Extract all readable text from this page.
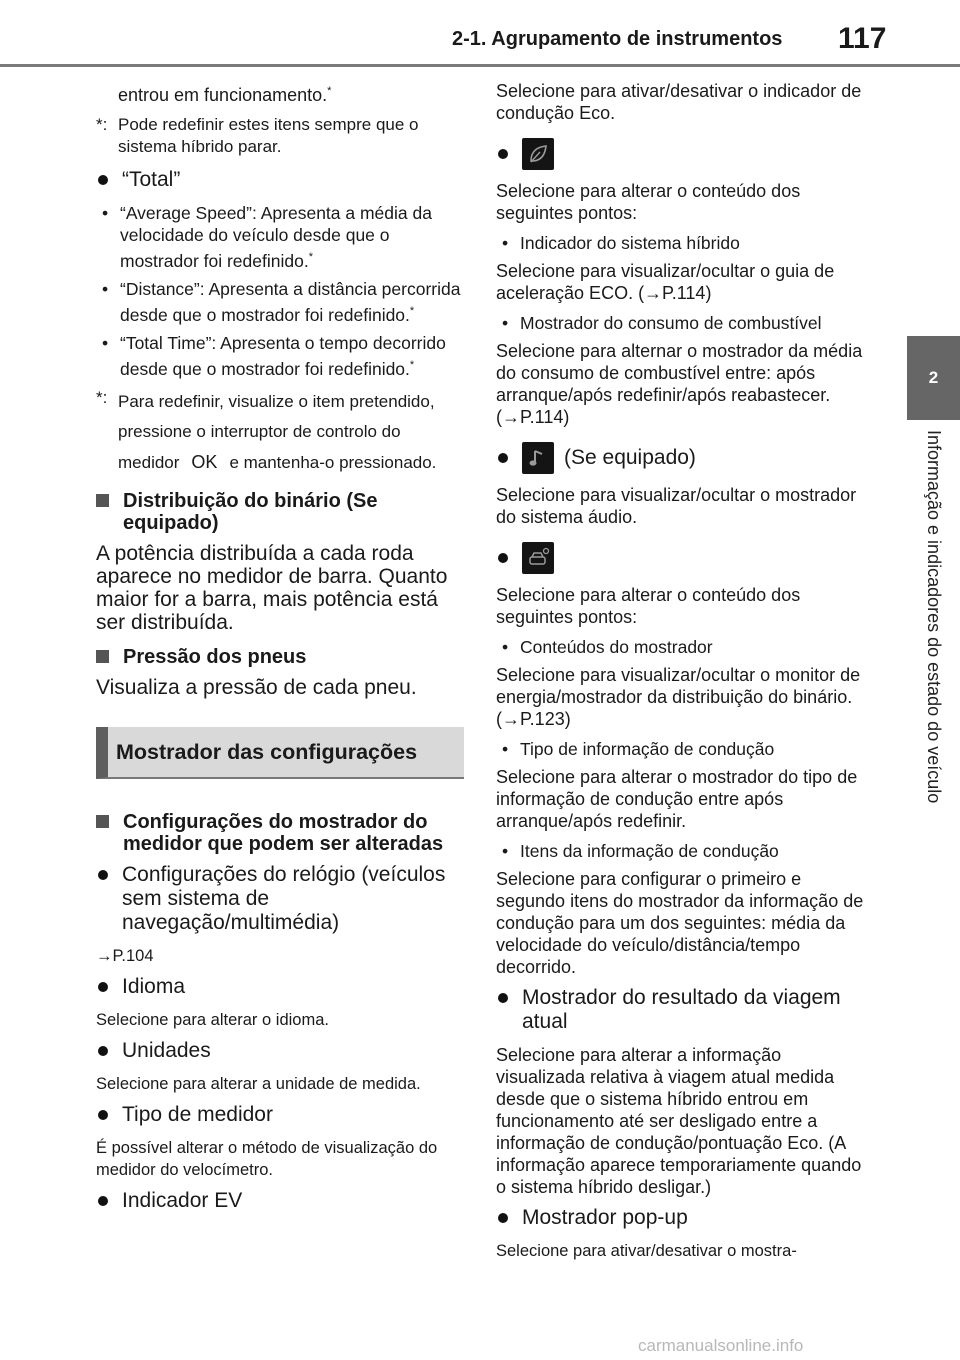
2-1. Agrupamento de instrumentos 117
2
Informação e indicadores do estado do veículo

entrou em funcionamento.*

*: Pode redefinir estes itens sempre que o sistema híbrido parar.
“Total”
• “Average Speed”: Apresenta a média da velocidade do veículo desde que o mostrador foi redefinido.*
• “Distance”: Apresenta a distância percorrida desde que o mostrador foi redefinido.*
• “Total Time”: Apresenta o tempo decorrido desde que o mostrador foi redefinido.*
*: Para redefinir, visualize o item pretendido, pressione o interruptor de controlo do medidor OK e mantenha-o pressionado.
Distribuição do binário (Se equipado)

A potência distribuída a cada roda aparece no medidor de barra. Quanto maior for a barra, mais potência está ser distribuída.

Pressão dos pneus

Visualiza a pressão de cada pneu.

Mostrador das configurações
Configurações do mostrador do medidor que podem ser alteradas
Configurações do relógio (veículos sem sistema de navegação/multimédia)

→P.104

Idioma

Selecione para alterar o idioma.

Unidades

Selecione para alterar a unidade de medida.

Tipo de medidor

É possível alterar o método de visualização do medidor do velocímetro.

Indicador EV

Selecione para ativar/desativar o indicador de condução Eco.

Selecione para alterar o conteúdo dos seguintes pontos:

• Indicador do sistema híbrido

Selecione para visualizar/ocultar o guia de aceleração ECO. (→P.114)

• Mostrador do consumo de combustível

Selecione para alternar o mostrador da média do consumo de combustível entre: após arranque/após redefinir/após reabastecer. (→P.114)

(Se equipado)

Selecione para visualizar/ocultar o mostrador do sistema áudio.

Selecione para alterar o conteúdo dos seguintes pontos:

• Conteúdos do mostrador

Selecione para visualizar/ocultar o monitor de energia/mostrador da distribuição do binário. (→P.123)

• Tipo de informação de condução

Selecione para alterar o mostrador do tipo de informação de condução entre após arranque/após redefinir.

• Itens da informação de condução

Selecione para configurar o primeiro e segundo itens do mostrador da informação de condução para um dos seguintes: média da velocidade do veículo/distância/tempo decorrido.

Mostrador do resultado da viagem atual

Selecione para alterar a informação visualizada relativa à viagem atual medida desde que o sistema híbrido entrou em funcionamento até ser desligado entre a informação de condução/pontuação Eco. (A informação aparece temporariamente quando o sistema híbrido desligar.)

Mostrador pop-up

Selecione para ativar/desativar o mostra-

carmanualsonline.info
